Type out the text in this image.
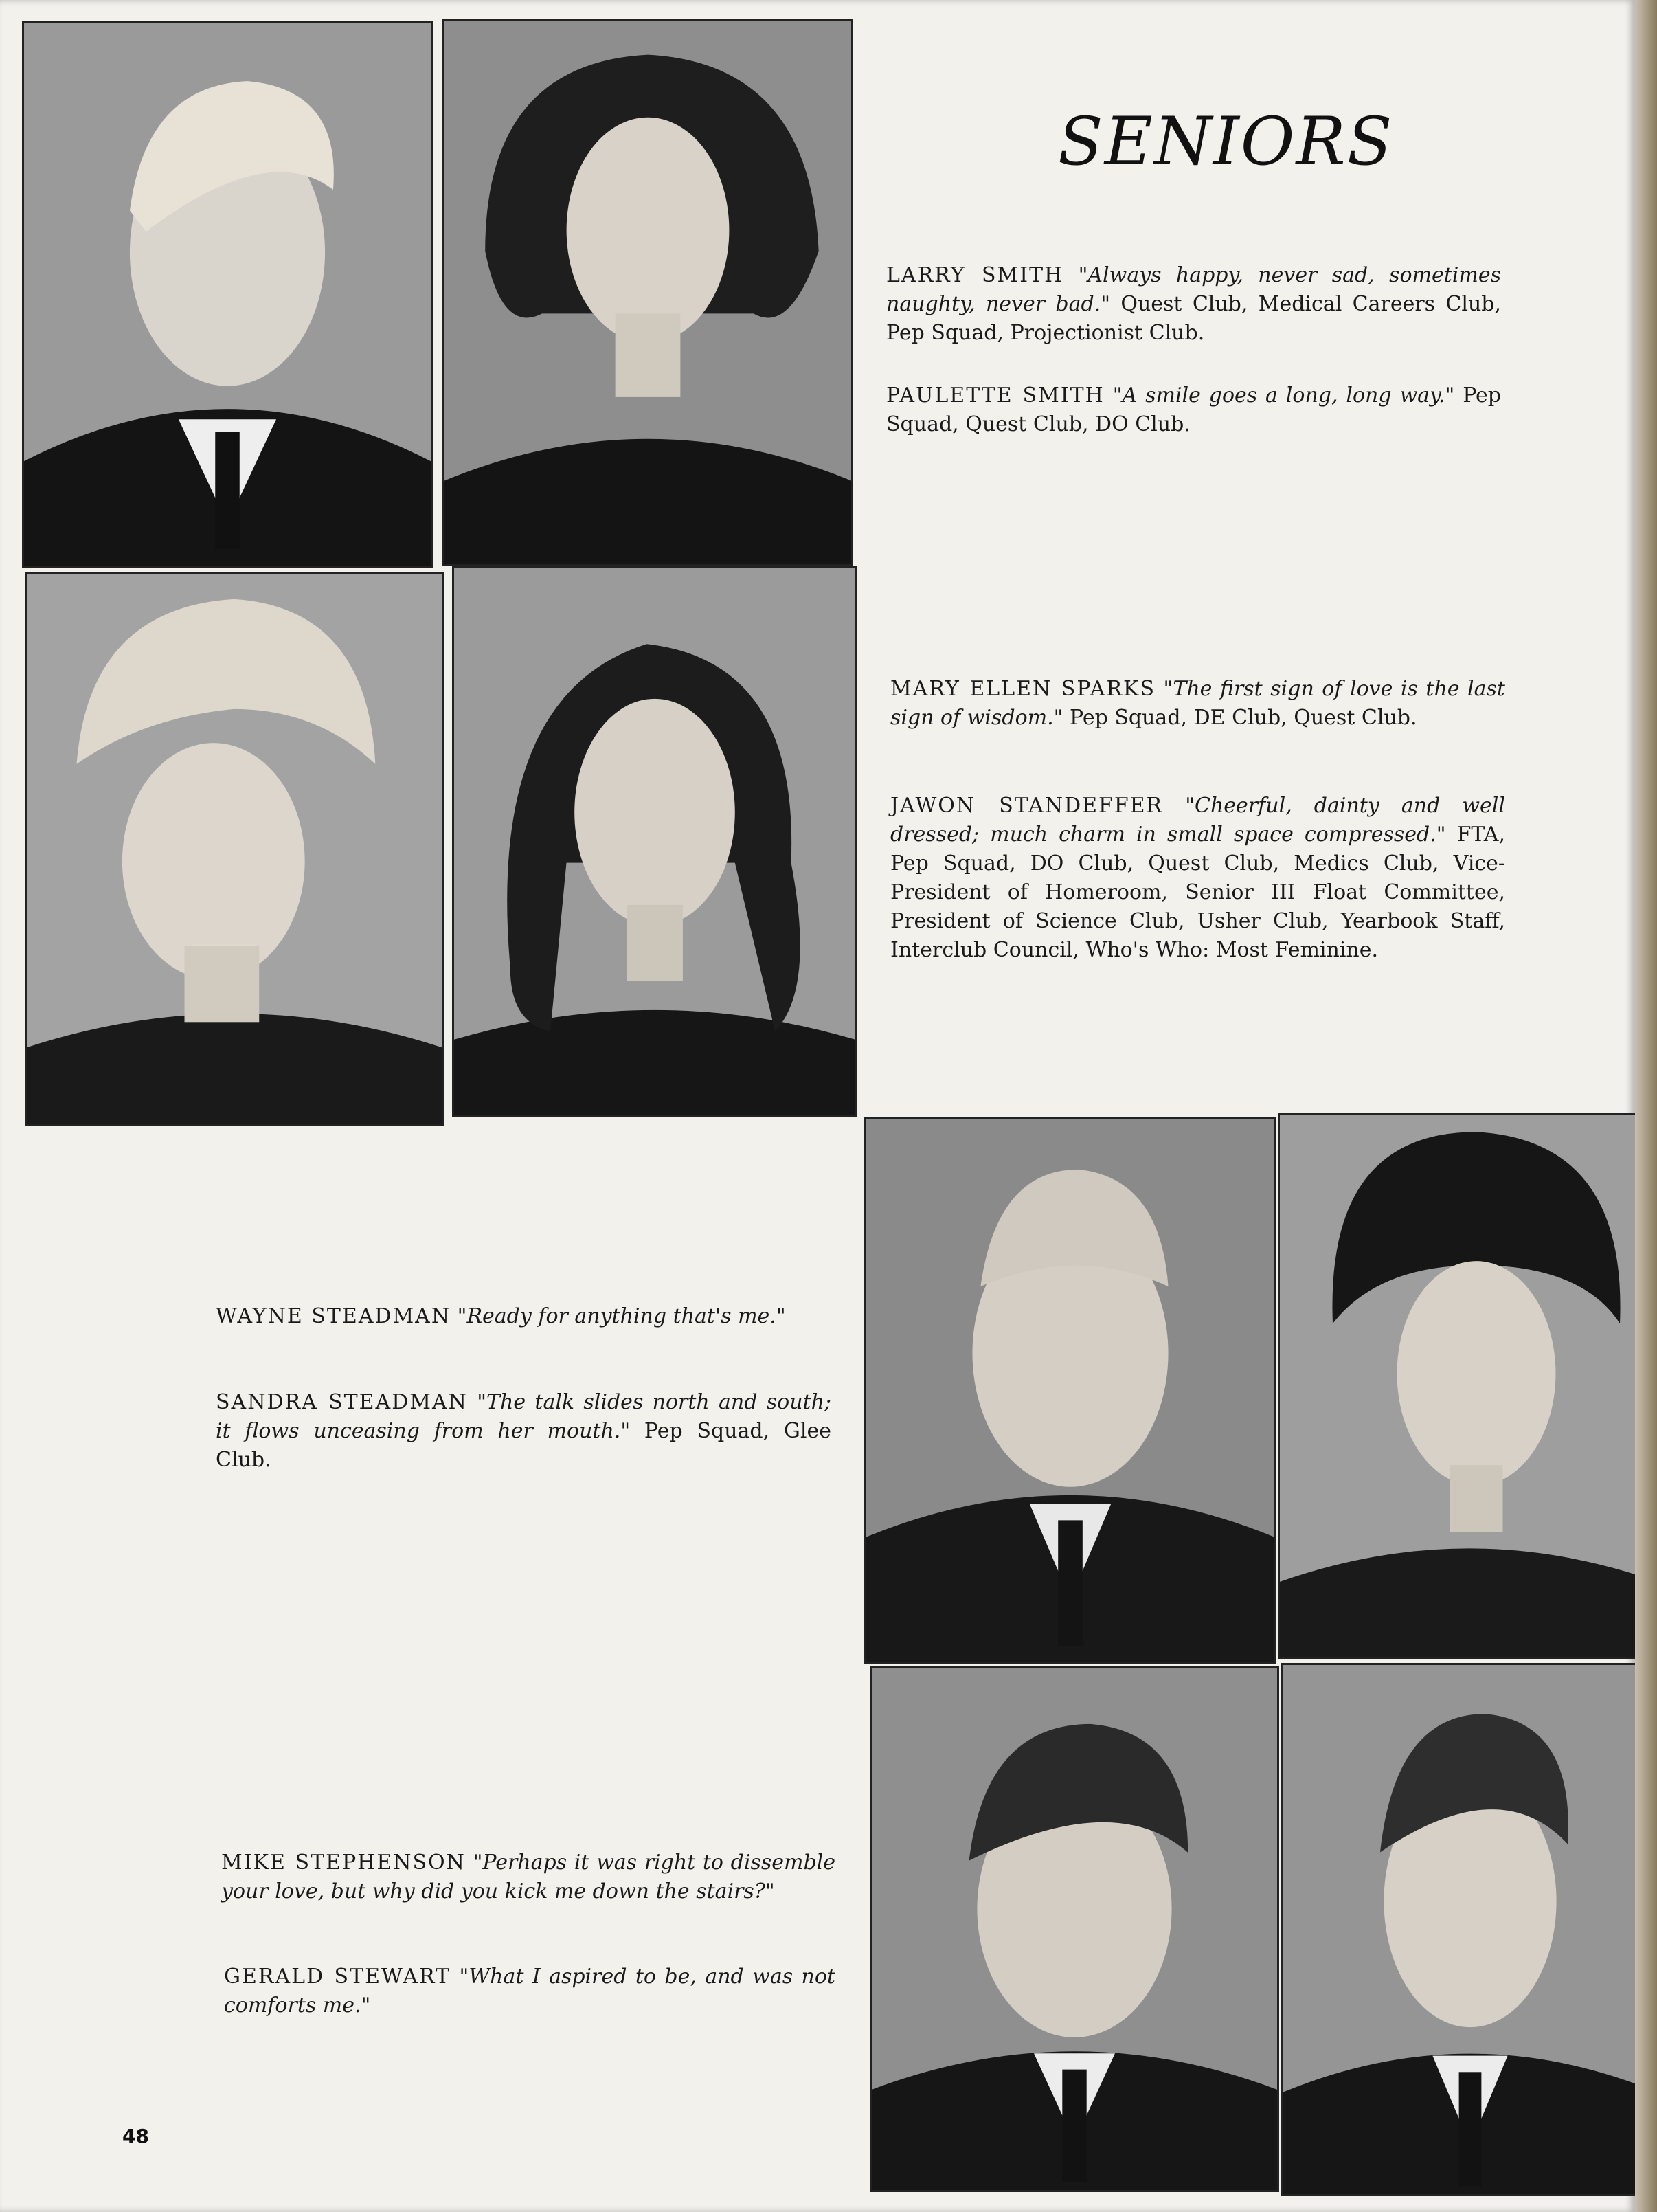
SENIORS

LARRY SMITH "Always happy, never sad, sometimes naughty, never bad." Quest Club, Medical Careers Club, Pep Squad, Projectionist Club.

PAULETTE SMITH "A smile goes a long, long way." Pep Squad, Quest Club, DO Club.

MARY ELLEN SPARKS "The first sign of love is the last sign of wisdom." Pep Squad, DE Club, Quest Club.

JAWON STANDEFFER "Cheerful, dainty and well dressed; much charm in small space compressed." FTA, Pep Squad, DO Club, Quest Club, Medics Club, Vice-President of Homeroom, Senior III Float Committee, President of Science Club, Usher Club, Yearbook Staff, Interclub Council, Who's Who: Most Feminine.

WAYNE STEADMAN "Ready for anything that's me."

SANDRA STEADMAN "The talk slides north and south; it flows unceasing from her mouth." Pep Squad, Glee Club.

MIKE STEPHENSON "Perhaps it was right to dissemble your love, but why did you kick me down the stairs?"

GERALD STEWART "What I aspired to be, and was not comforts me."

48
